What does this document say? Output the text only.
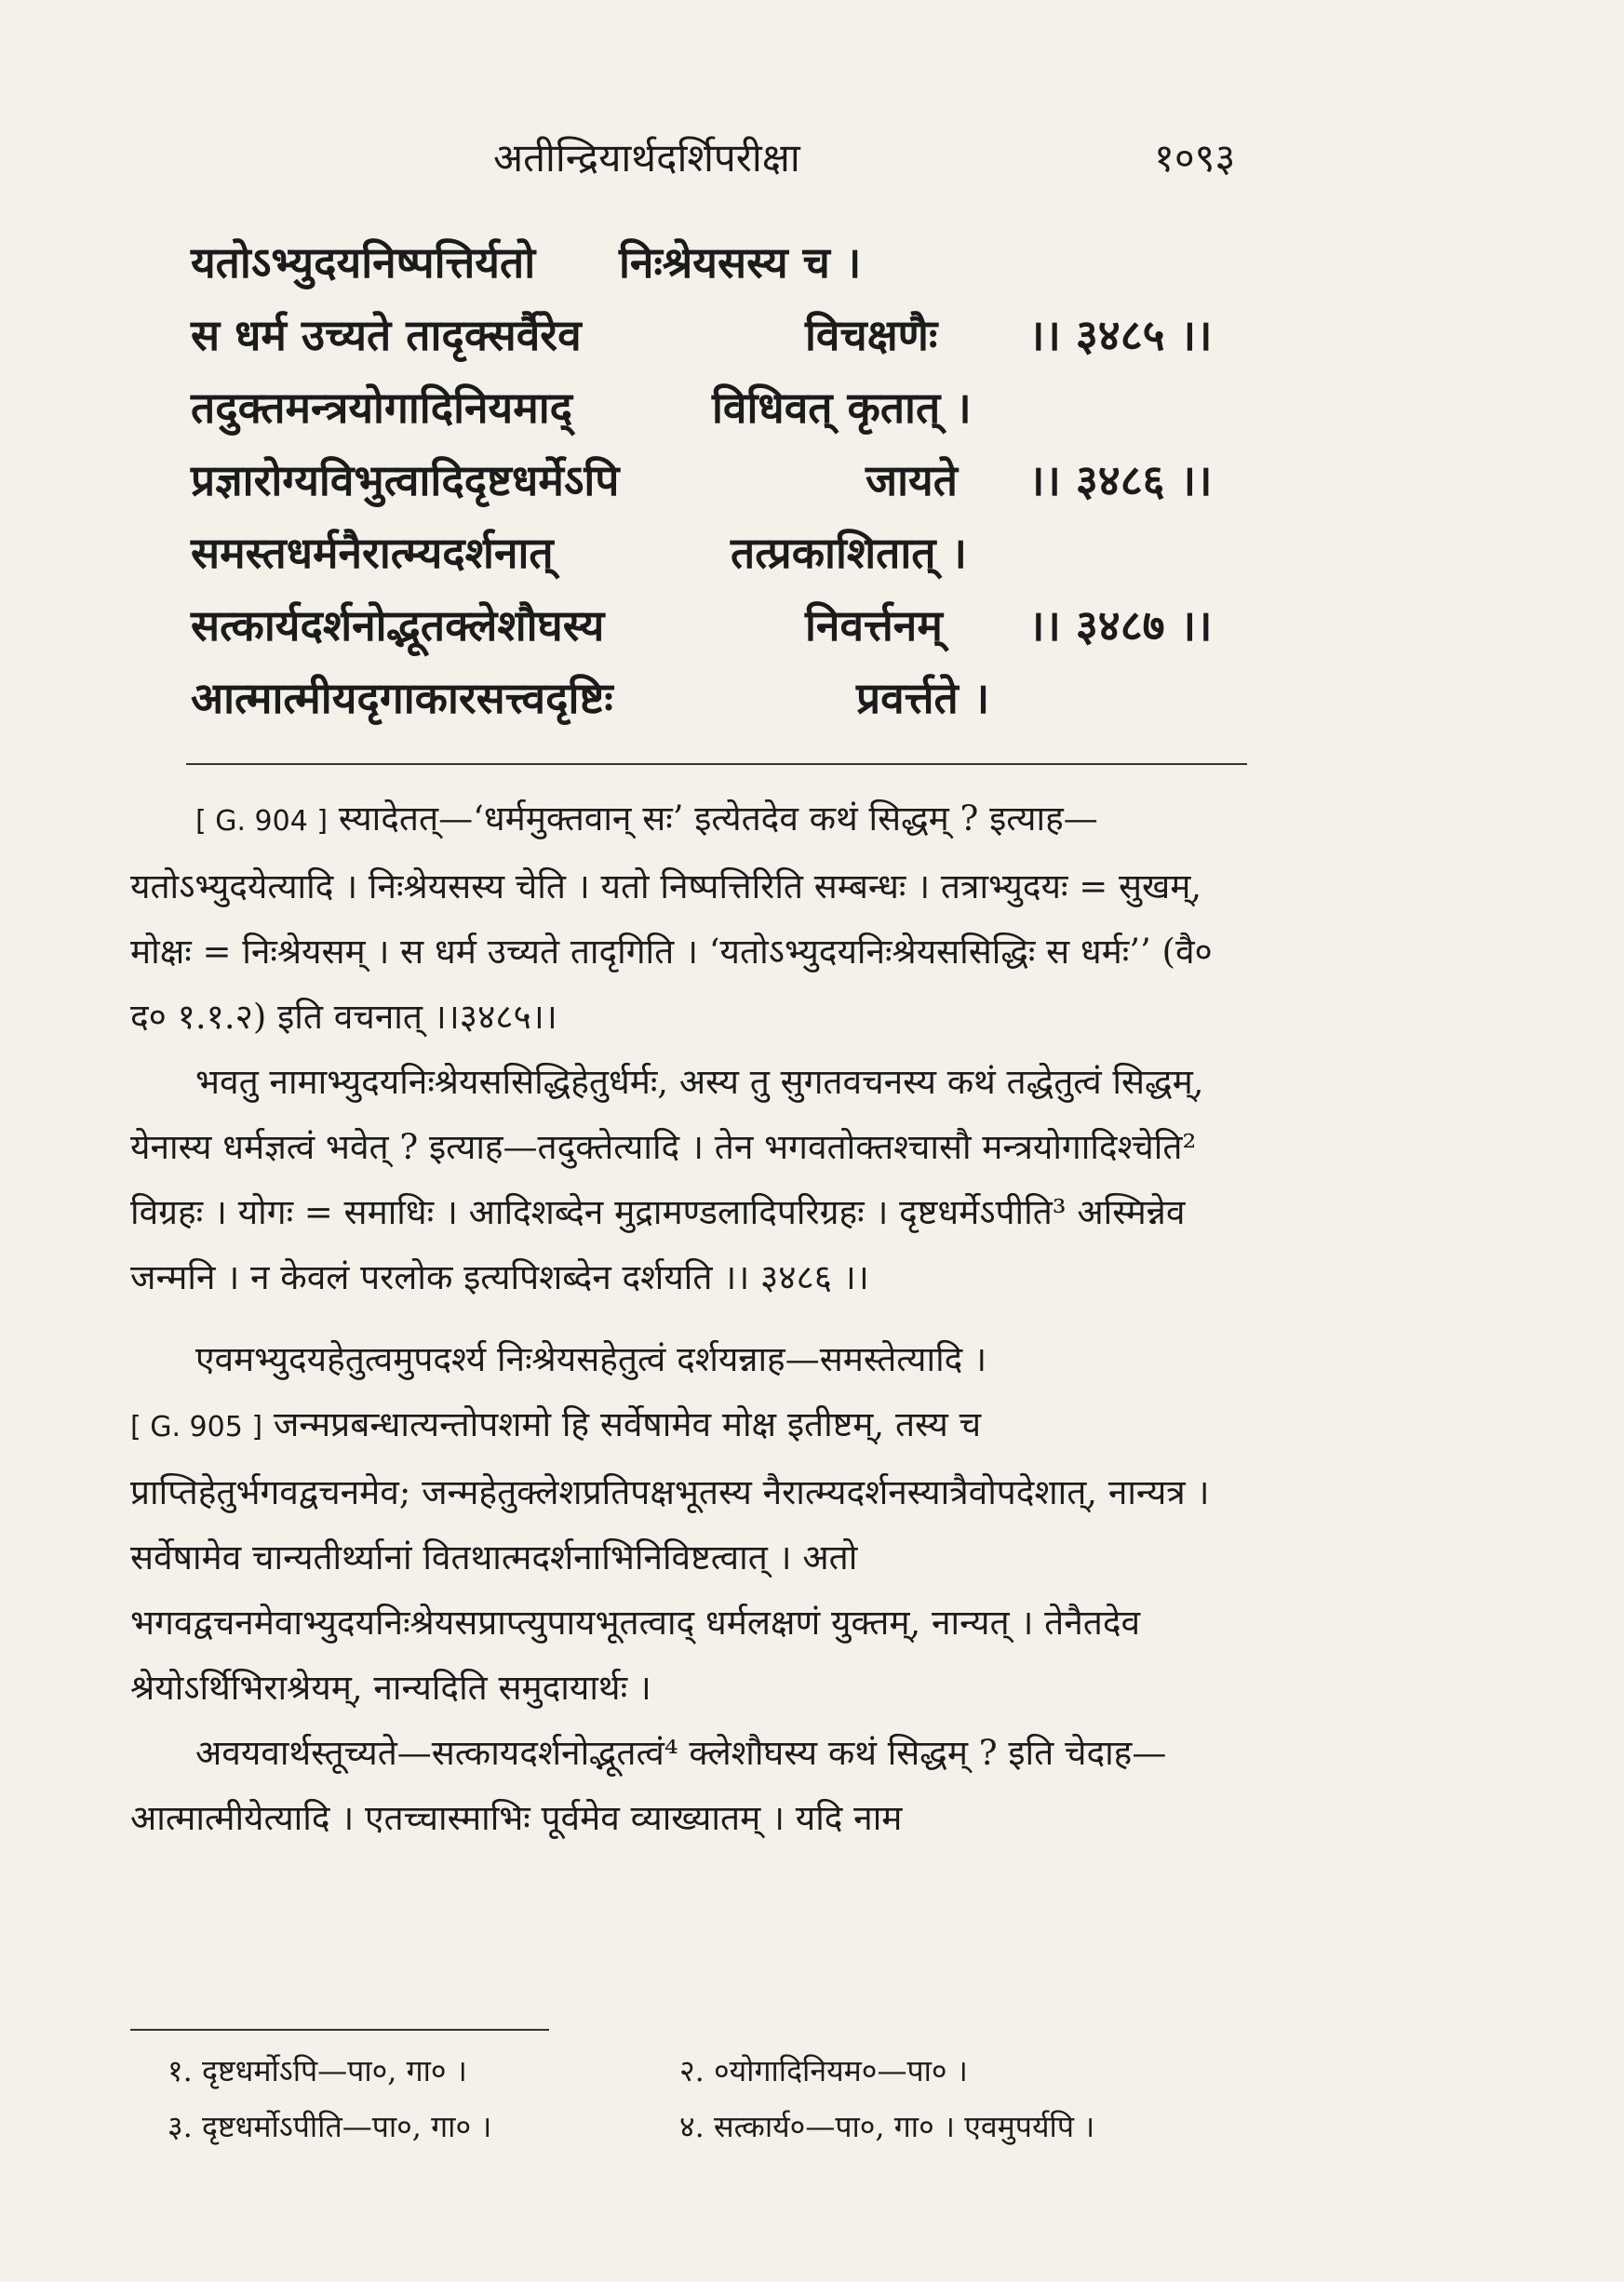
अतीन्द्रियार्थदर्शिपरीक्षा	१०९३
यतोऽभ्युदयनिष्पत्तिर्यतो निःश्रेयसस्य च ।
स धर्म उच्यते तादृक्सर्वैरेव	विचक्षणैः ।। ३४८५ ।।
तदुक्तमन्त्रयोगादिनियमाद्	विधिवत् कृतात् ।
प्रज्ञारोग्यविभुत्वादिदृष्टधर्मेऽपि	जायते ।। ३४८६ ।।
समस्तधर्मनैरात्म्यदर्शनात्	तत्प्रकाशितात् ।
सत्कार्यदर्शनोद्भूतक्लेशौघस्य	निवर्त्तनम् ।। ३४८७ ।।
आत्मात्मीयदृगाकारसत्त्वदृष्टिः	प्रवर्त्तते ।

[ G. 904 ] स्यादेतत्—‘धर्ममुक्तवान् सः’ इत्येतदेव कथं सिद्धम् ? इत्याह—यतोऽभ्युदयेत्यादि । निःश्रेयसस्य चेति । यतो निष्पत्तिरिति सम्बन्धः । तत्राभ्युदयः = सुखम्, मोक्षः = निःश्रेयसम् । स धर्म उच्यते तादृगिति । ‘यतोऽभ्युदयनिःश्रेयससिद्धिः स धर्मः’’ (वै० द० १.१.२) इति वचनात् ।।३४८५।।

भवतु नामाभ्युदयनिःश्रेयससिद्धिहेतुर्धर्मः, अस्य तु सुगतवचनस्य कथं तद्धेतुत्वं सिद्धम्, येनास्य धर्मज्ञत्वं भवेत् ? इत्याह—तदुक्तेत्यादि । तेन भगवतोक्तश्चासौ मन्त्रयोगादिश्चेति² विग्रहः । योगः = समाधिः । आदिशब्देन मुद्रामण्डलादिपरिग्रहः । दृष्टधर्मेऽपीति³ अस्मिन्नेव जन्मनि । न केवलं परलोक इत्यपिशब्देन दर्शयति ।। ३४८६ ।।

एवमभ्युदयहेतुत्वमुपदर्श्य निःश्रेयसहेतुत्वं दर्शयन्नाह—समस्तेत्यादि ।

[ G. 905 ] जन्मप्रबन्धात्यन्तोपशमो हि सर्वेषामेव मोक्ष इतीष्टम्, तस्य च प्राप्तिहेतुर्भगवद्वचनमेव; जन्महेतुक्लेशप्रतिपक्षभूतस्य नैरात्म्यदर्शनस्यात्रैवोपदेशात्, नान्यत्र । सर्वेषामेव चान्यतीर्थ्यानां वितथात्मदर्शनाभिनिविष्टत्वात् । अतो भगवद्वचनमेवाभ्युदयनिःश्रेयसप्राप्त्युपायभूतत्वाद् धर्मलक्षणं युक्तम्, नान्यत् । तेनैतदेव श्रेयोऽर्थिभिराश्रेयम्, नान्यदिति समुदायार्थः ।

अवयवार्थस्तूच्यते—सत्कायदर्शनोद्भूतत्वं⁴ क्लेशौघस्य कथं सिद्धम् ? इति चेदाह—आत्मात्मीयेत्यादि । एतच्चास्माभिः पूर्वमेव व्याख्यातम् । यदि नाम

१. दृष्टधर्मोऽपि—पा०, गा० ।	२. ०योगादिनियम०—पा० ।
३. दृष्टधर्मोऽपीति—पा०, गा० ।	४. सत्कार्य०—पा०, गा० । एवमुपर्यपि ।
